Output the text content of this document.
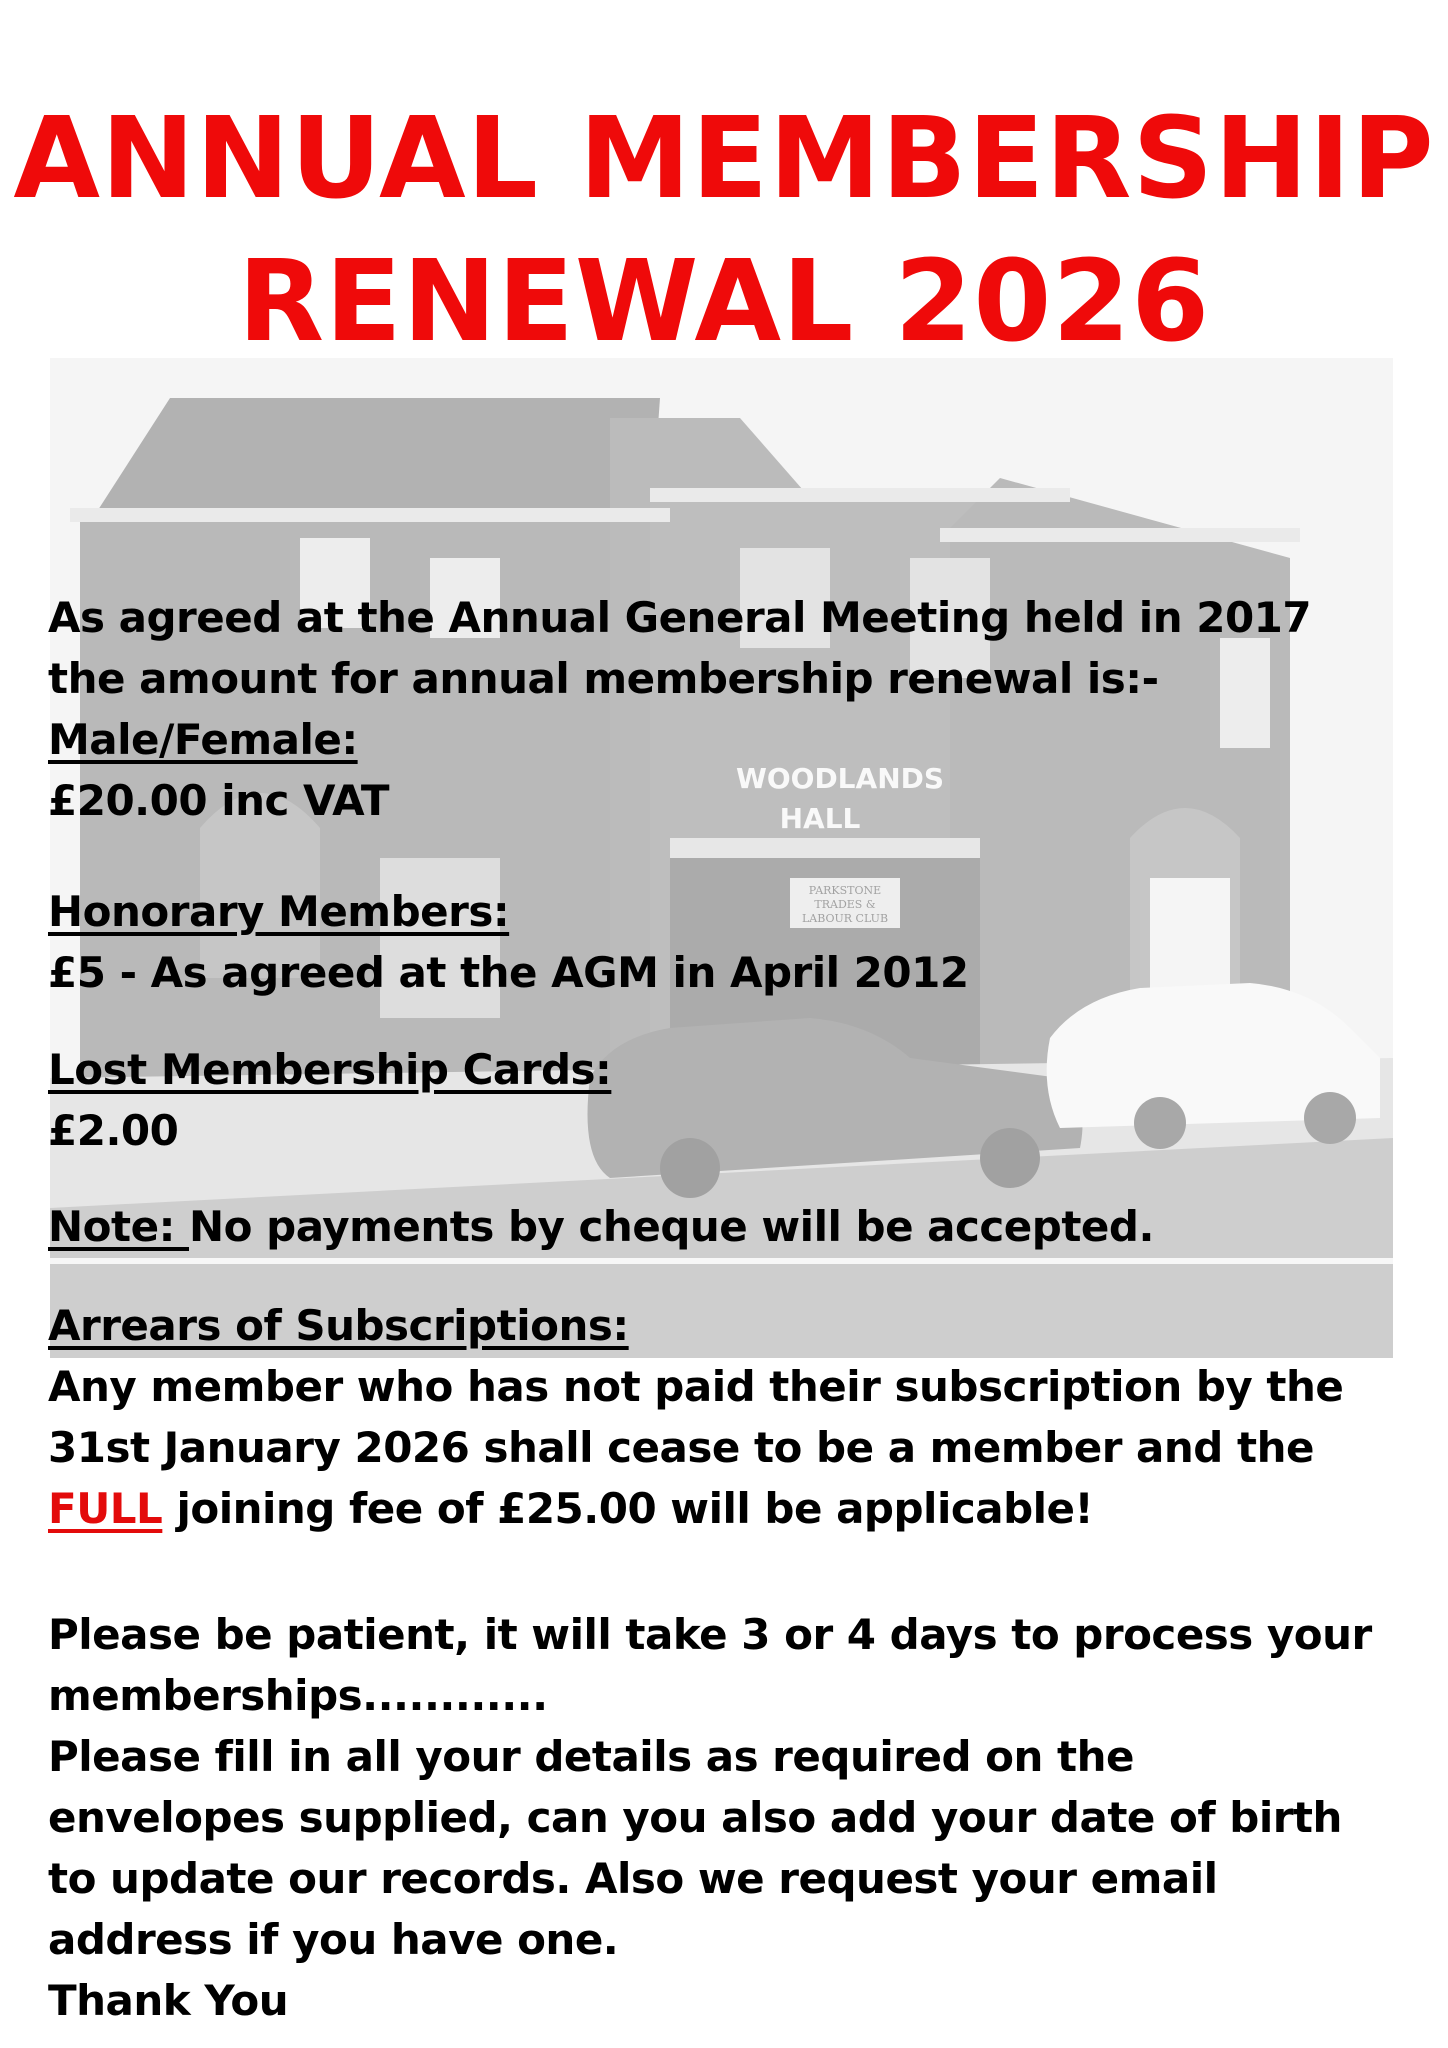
ANNUAL MEMBERSHIP
RENEWAL 2026
PARKSTONE
TRADES &
LABOUR CLUB
WOODLANDS
HALL
As agreed at the Annual General Meeting held in 2017
the amount for annual membership renewal is:-
Male/Female:
£20.00 inc VAT
Honorary Members:
£5 - As agreed at the AGM in April 2012
Lost Membership Cards:
£2.00
Note: No payments by cheque will be accepted.
Arrears of Subscriptions:
Any member who has not paid their subscription by the
31st January 2026 shall cease to be a member and the
FULL joining fee of £25.00 will be applicable!
Please be patient, it will take 3 or 4 days to process your
memberships............
Please fill in all your details as required on the
envelopes supplied, can you also add your date of birth
to update our records. Also we request your email
address if you have one.
Thank You
